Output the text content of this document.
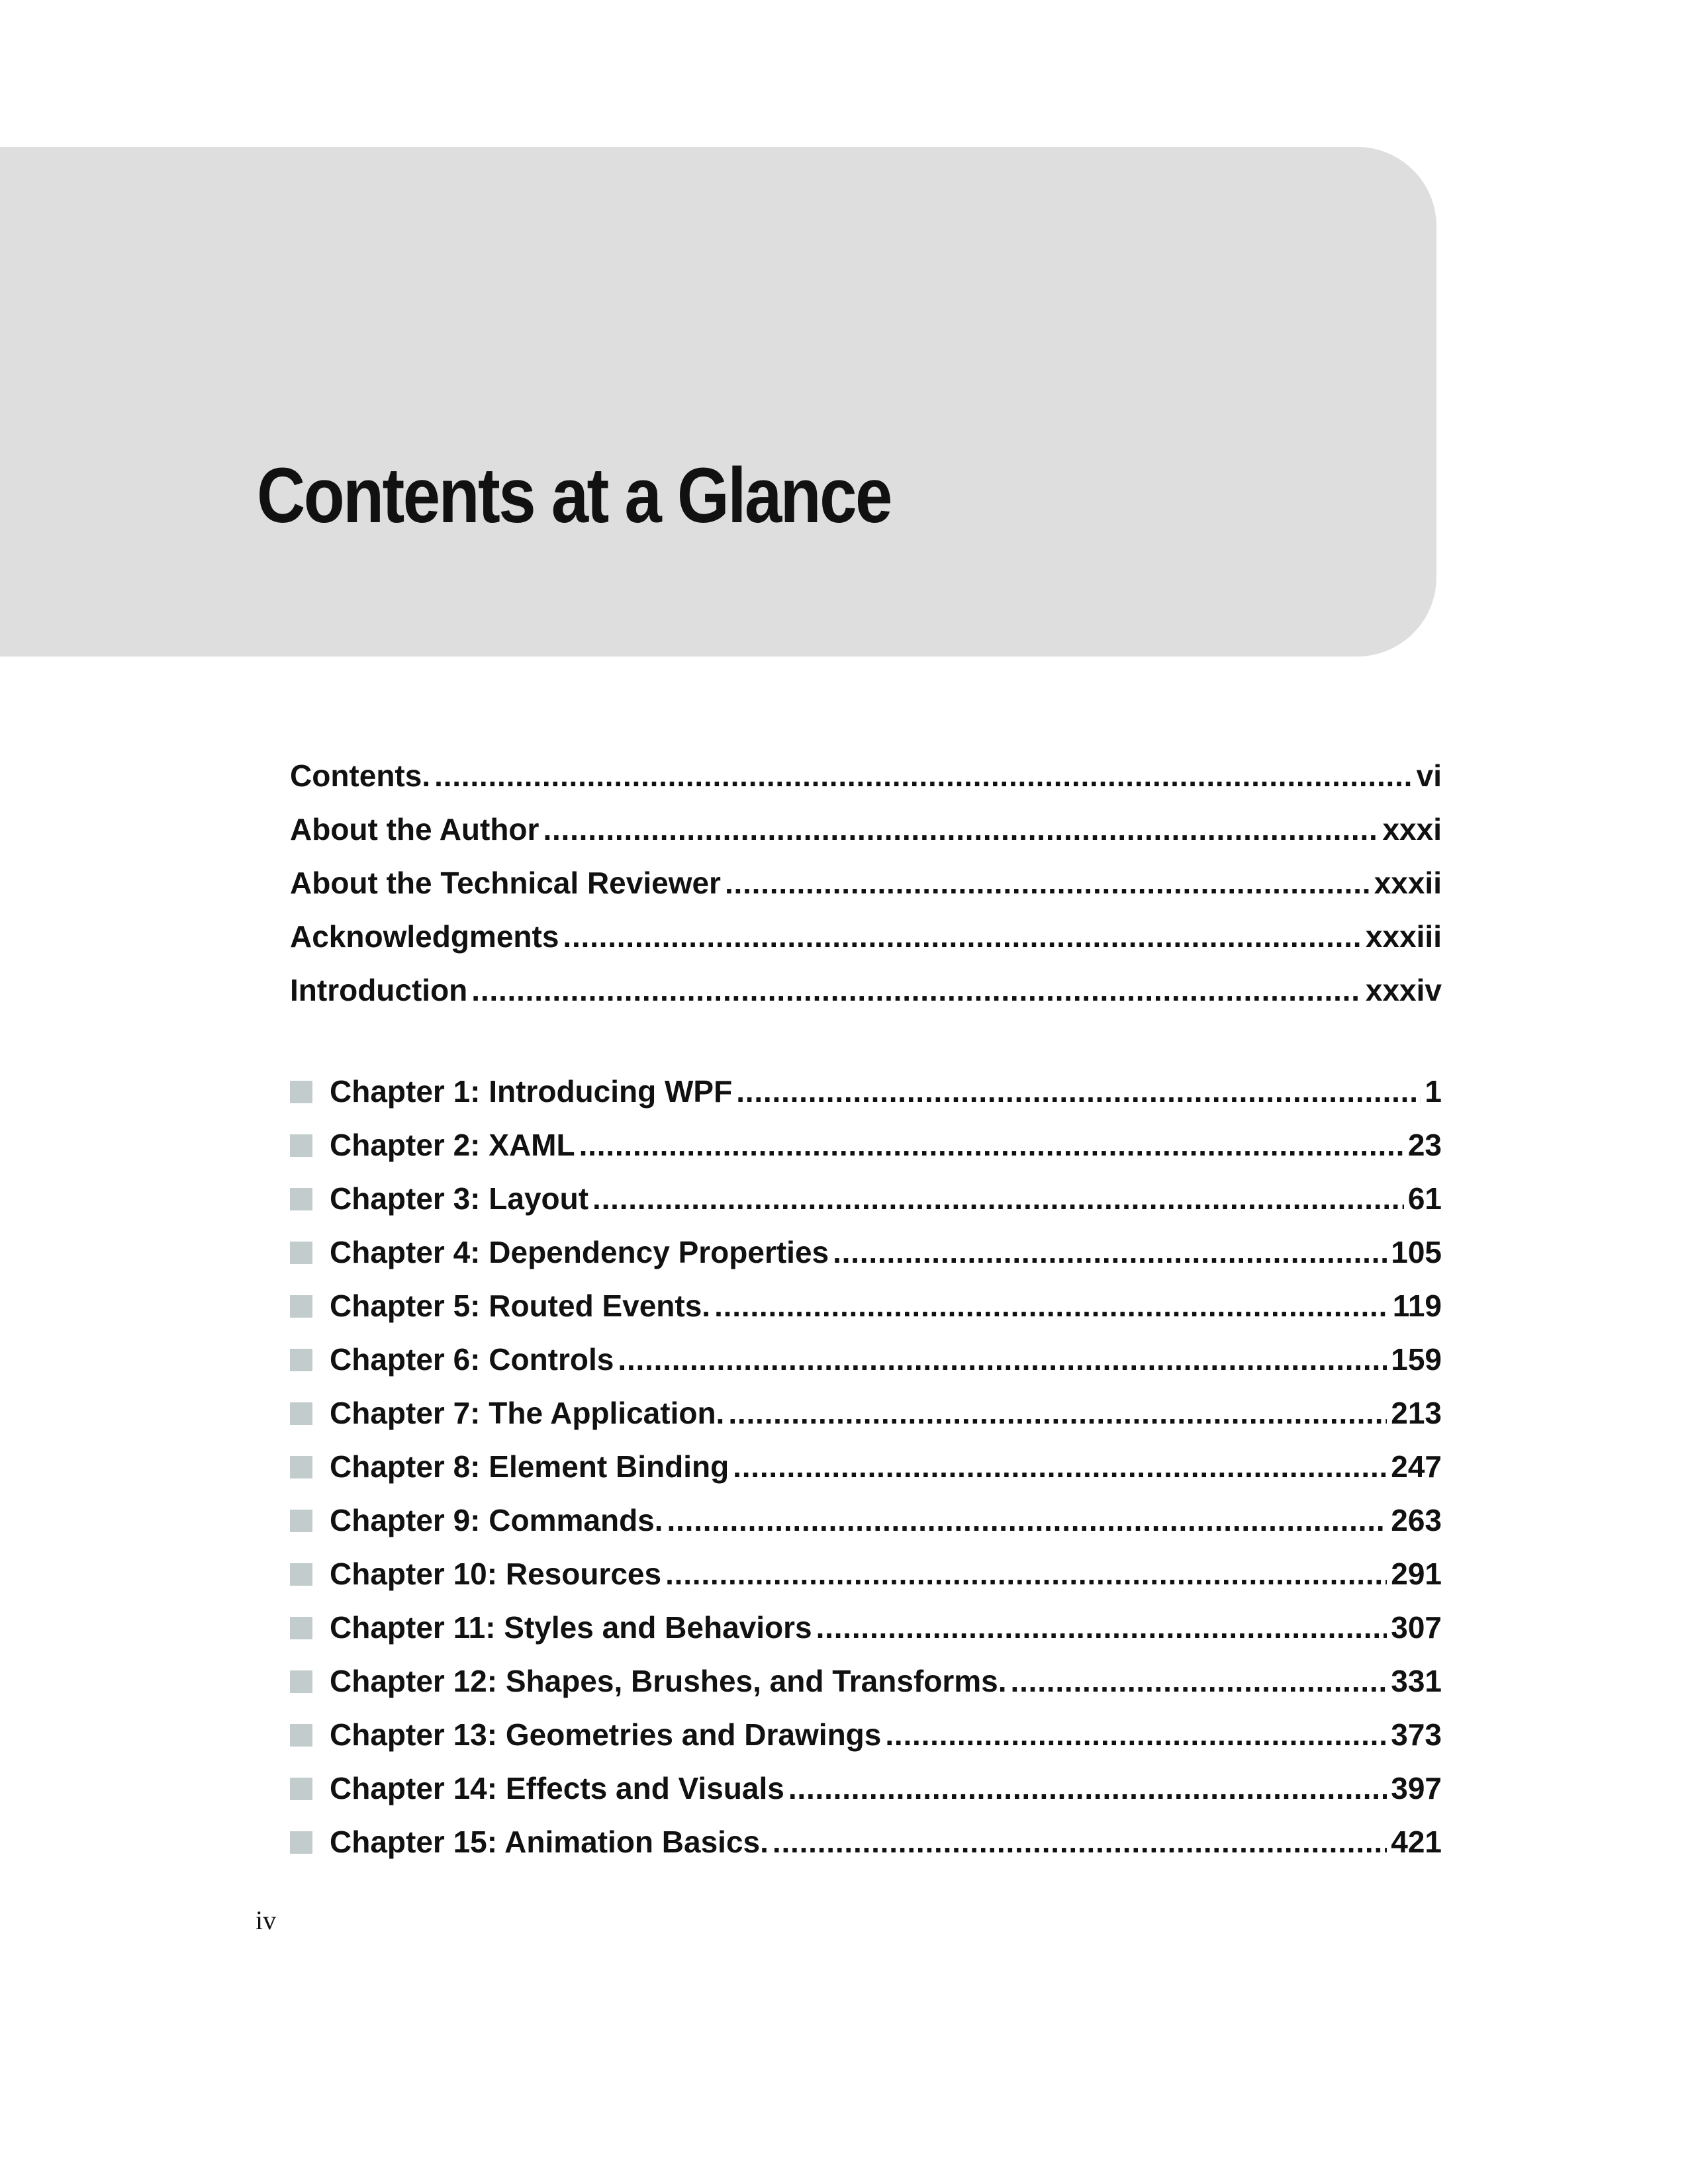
Contents at a Glance
Contents. . . .	vi
About the Author . . .	xxxi
About the Technical Reviewer . . .	xxxii
Acknowledgments . . .	xxxiii
Introduction . . .	xxxiv
Chapter 1: Introducing WPF . . .	1
Chapter 2: XAML . . .	23
Chapter 3: Layout . . .	61
Chapter 4: Dependency Properties . . .	105
Chapter 5: Routed Events. . . .	119
Chapter 6: Controls . . .	159
Chapter 7: The Application. . . .	213
Chapter 8: Element Binding . . .	247
Chapter 9: Commands. . . .	263
Chapter 10: Resources . . .	291
Chapter 11: Styles and Behaviors . . .	307
Chapter 12: Shapes, Brushes, and Transforms. . . .	331
Chapter 13: Geometries and Drawings . . .	373
Chapter 14: Effects and Visuals . . .	397
Chapter 15: Animation Basics. . . .	421
iv
